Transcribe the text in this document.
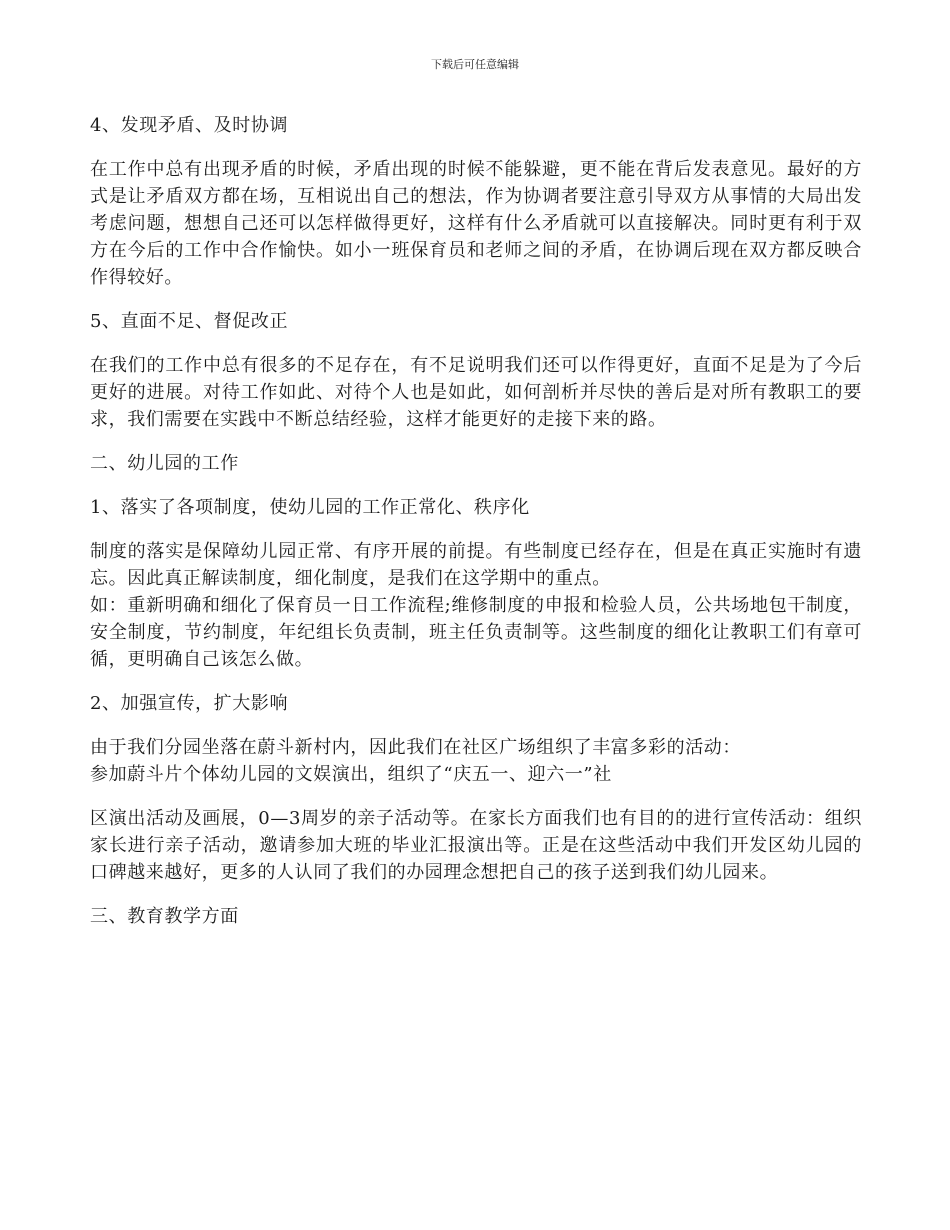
下载后可任意编辑

4、发现矛盾、及时协调

在工作中总有出现矛盾的时候，矛盾出现的时候不能躲避，更不能在背后发表意见。最好的方式是让矛盾双方都在场，互相说出自己的想法，作为协调者要注意引导双方从事情的大局出发考虑问题，想想自己还可以怎样做得更好，这样有什么矛盾就可以直接解决。同时更有利于双方在今后的工作中合作愉快。如小一班保育员和老师之间的矛盾，在协调后现在双方都反映合作得较好。

5、直面不足、督促改正

在我们的工作中总有很多的不足存在，有不足说明我们还可以作得更好，直面不足是为了今后更好的进展。对待工作如此、对待个人也是如此，如何剖析并尽快的善后是对所有教职工的要求，我们需要在实践中不断总结经验，这样才能更好的走接下来的路。

二、幼儿园的工作

1、落实了各项制度，使幼儿园的工作正常化、秩序化

制度的落实是保障幼儿园正常、有序开展的前提。有些制度已经存在，但是在真正实施时有遗忘。因此真正解读制度，细化制度，是我们在这学期中的重点。

如：重新明确和细化了保育员一日工作流程;维修制度的申报和检验人员，公共场地包干制度，安全制度，节约制度，年纪组长负责制，班主任负责制等。这些制度的细化让教职工们有章可循，更明确自己该怎么做。

2、加强宣传，扩大影响

由于我们分园坐落在蔚斗新村内，因此我们在社区广场组织了丰富多彩的活动：

参加蔚斗片个体幼儿园的文娱演出，组织了“庆五一、迎六一”社

区演出活动及画展，0—3周岁的亲子活动等。在家长方面我们也有目的的进行宣传活动：组织家长进行亲子活动，邀请参加大班的毕业汇报演出等。正是在这些活动中我们开发区幼儿园的口碑越来越好，更多的人认同了我们的办园理念想把自己的孩子送到我们幼儿园来。

三、教育教学方面
